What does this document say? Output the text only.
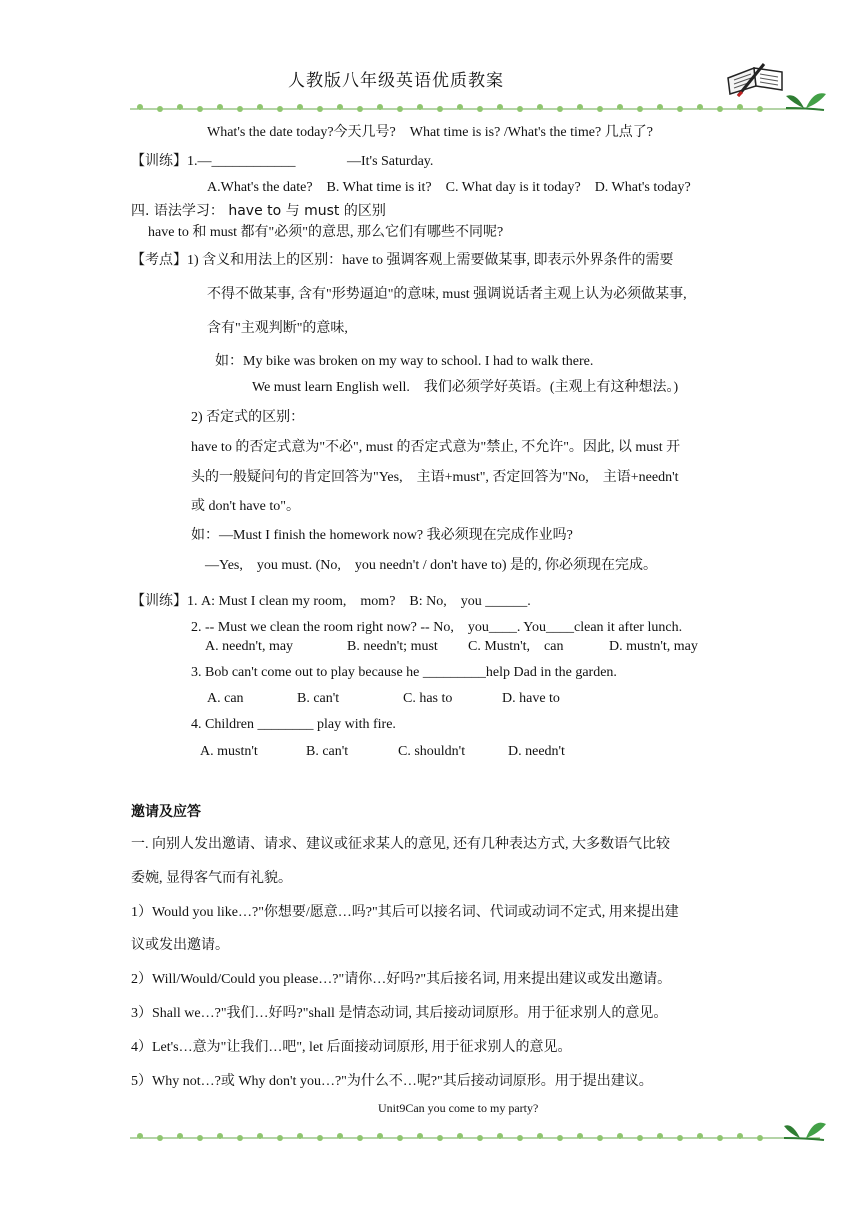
人教版八年级英语优质教案
What's the date today?今天几号?　What time is is? /What's the time? 几点了?
【训练】1.—____________	—It's Saturday.
A.What's the date?　B. What time is it?　C. What day is it today?　D. What's today?
四. 语法学习： have to 与 must 的区别
have to 和 must 都有"必须"的意思, 那么它们有哪些不同呢?
【考点】1) 含义和用法上的区别：have to 强调客观上需要做某事, 即表示外界条件的需要
不得不做某事, 含有"形势逼迫"的意味, must 强调说话者主观上认为必须做某事,
含有"主观判断"的意味,
如：My bike was broken on my way to school. I had to walk there.
We must learn English well.　我们必须学好英语。(主观上有这种想法。)
2) 否定式的区别：
have to 的否定式意为"不必", must 的否定式意为"禁止, 不允许"。因此, 以 must 开
头的一般疑问句的肯定回答为"Yes,　主语+must", 否定回答为"No,　主语+needn't
或 don't have to"。
如：—Must I finish the homework now? 我必须现在完成作业吗?
—Yes,　you must. (No,　you needn't / don't have to) 是的, 你必须现在完成。
【训练】1. A: Must I clean my room,　mom?　B: No,　you ______.
2. -- Must we clean the room right now? -- No,　you____. You____clean it after lunch.
A. needn't, may	B. needn't; must C. Mustn't,　can	D. mustn't, may
3. Bob can't come out to play because he _________help Dad in the garden.
A. can	B. can't	C. has to	D. have to
4. Children ________ play with fire.
A. mustn't	B. can't	C. shouldn't	D. needn't
邀请及应答
一. 向别人发出邀请、请求、建议或征求某人的意见, 还有几种表达方式, 大多数语气比较
委婉, 显得客气而有礼貌。
1）Would you like…?"你想要/愿意…吗?"其后可以接名词、代词或动词不定式, 用来提出建
议或发出邀请。
2）Will/Would/Could you please…?"请你…好吗?"其后接名词, 用来提出建议或发出邀请。
3）Shall we…?"我们…好吗?"shall 是情态动词, 其后接动词原形。用于征求别人的意见。
4）Let's…意为"让我们…吧", let 后面接动词原形, 用于征求别人的意见。
5）Why not…?或 Why don't you…?"为什么不…呢?"其后接动词原形。用于提出建议。
Unit9Can you come to my party?
